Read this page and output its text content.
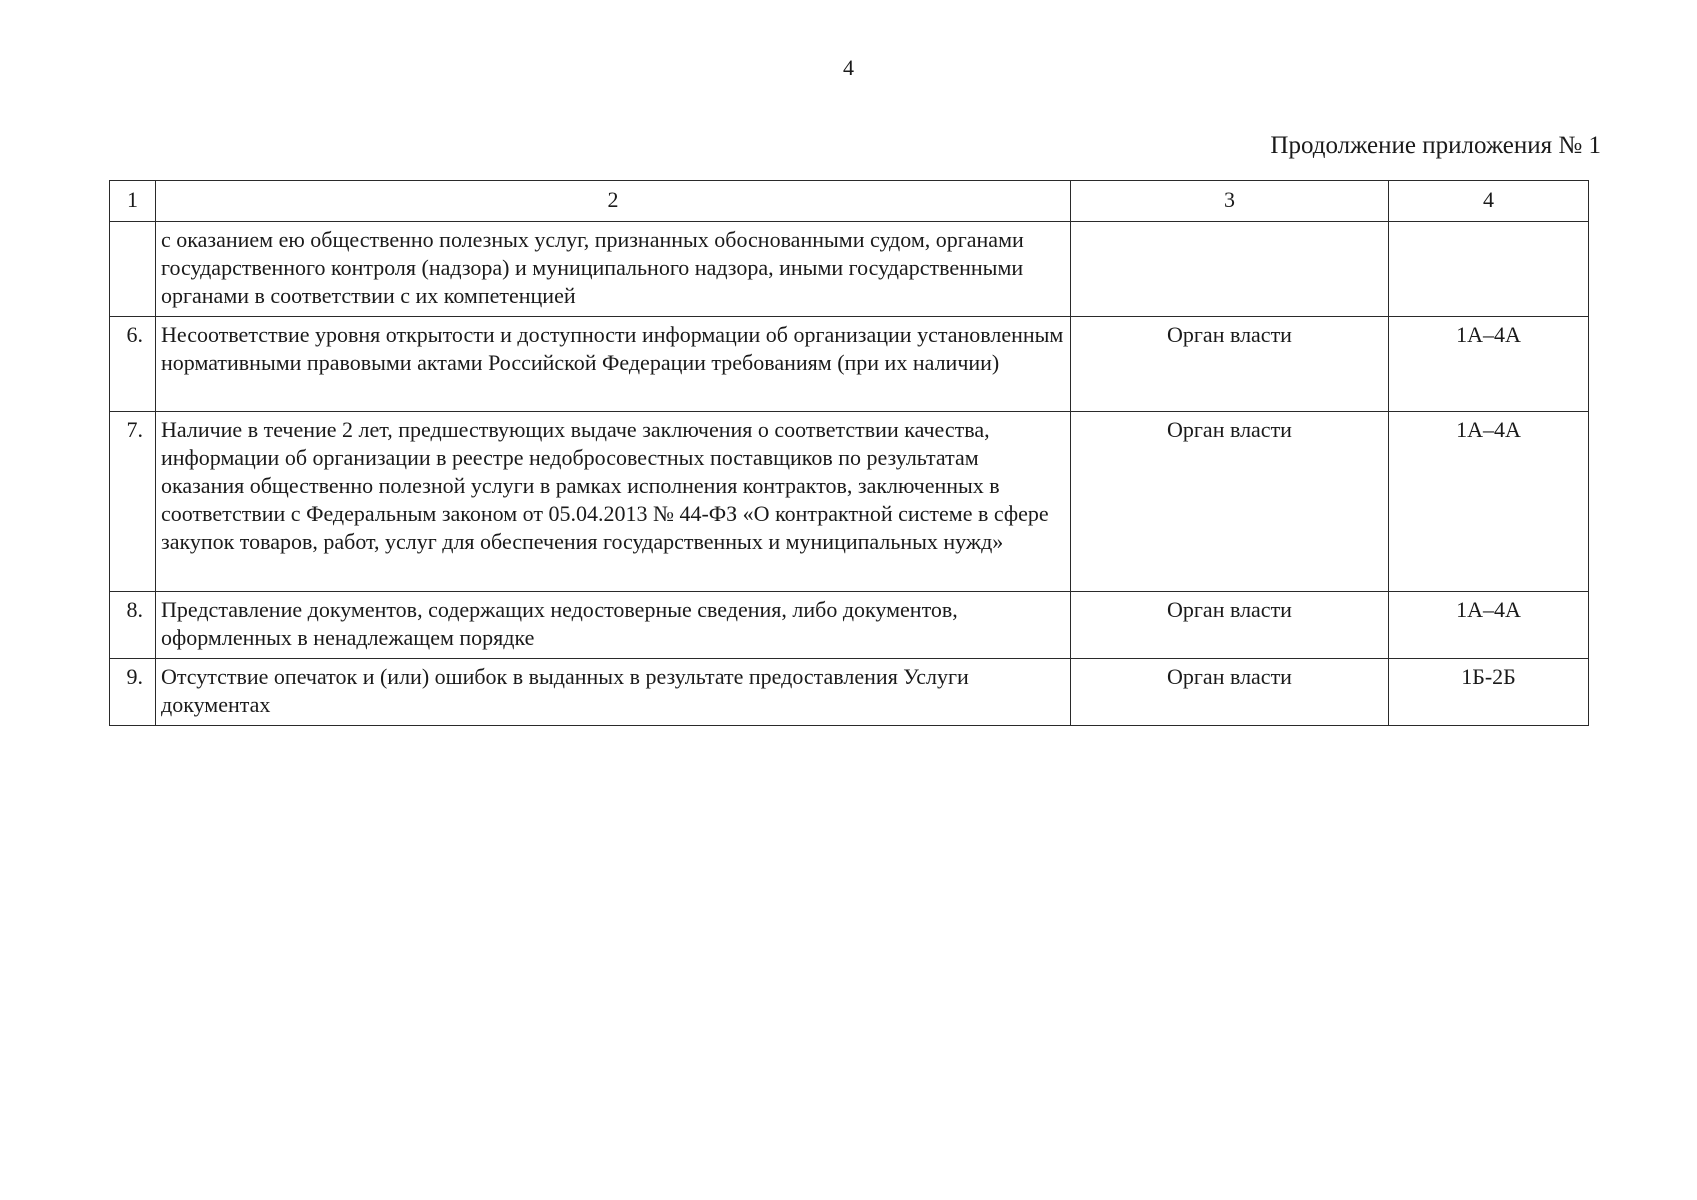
4
Продолжение приложения № 1
1	2	3	4
	с оказанием ею общественно полезных услуг, признанных обоснованными судом, органами государственного контроля (надзора) и муниципального надзора, иными государственными органами в соответствии с их компетенцией		
6.	Несоответствие уровня открытости и доступности информации об организации установленным нормативными правовыми актами Российской Федерации требованиям (при их наличии)	Орган власти	1А–4А
7.	Наличие в течение 2 лет, предшествующих выдаче заключения о соответствии качества, информации об организации в реестре недобросовестных поставщиков по результатам оказания общественно полезной услуги в рамках исполнения контрактов, заключенных в соответствии с Федеральным законом от 05.04.2013 № 44-ФЗ «О контрактной системе в сфере закупок товаров, работ, услуг для обеспечения государственных и муниципальных нужд»	Орган власти	1А–4А
8.	Представление документов, содержащих недостоверные сведения, либо документов, оформленных в ненадлежащем порядке	Орган власти	1А–4А
9.	Отсутствие опечаток и (или) ошибок в выданных в результате предоставления Услуги документах	Орган власти	1Б-2Б
